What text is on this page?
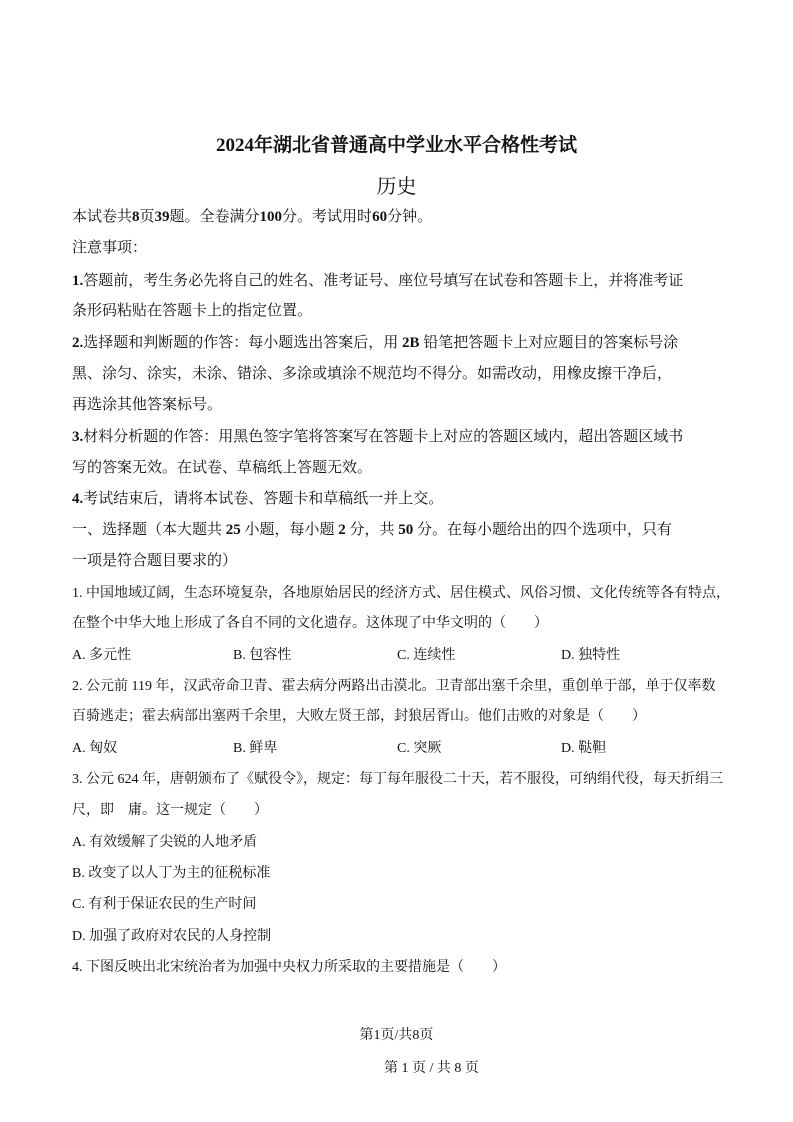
2024年湖北省普通高中学业水平合格性考试
历史
本试卷共8页39题。全卷满分100分。考试用时60分钟。
注意事项：
1.答题前，考生务必先将自己的姓名、准考证号、座位号填写在试卷和答题卡上，并将准考证
条形码粘贴在答题卡上的指定位置。
2.选择题和判断题的作答：每小题选出答案后，用 2B 铅笔把答题卡上对应题目的答案标号涂
黑、涂匀、涂实，未涂、错涂、多涂或填涂不规范均不得分。如需改动，用橡皮擦干净后，
再选涂其他答案标号。
3.材料分析题的作答：用黑色签字笔将答案写在答题卡上对应的答题区域内，超出答题区域书
写的答案无效。在试卷、草稿纸上答题无效。
4.考试结束后，请将本试卷、答题卡和草稿纸一并上交。
一、选择题（本大题共 25 小题，每小题 2 分，共 50 分。在每小题给出的四个选项中，只有
一项是符合题目要求的）
1. 中国地域辽阔，生态环境复杂，各地原始居民的经济方式、居住模式、风俗习惯、文化传统等各有特点，
在整个中华大地上形成了各自不同的文化遗存。这体现了中华文明的（　　）
A. 多元性	B. 包容性	C. 连续性	D. 独特性
2. 公元前 119 年，汉武帝命卫青、霍去病分两路出击漠北。卫青部出塞千余里，重创单于部，单于仅率数
百骑逃走；霍去病部出塞两千余里，大败左贤王部，封狼居胥山。他们击败的对象是（　　）
A. 匈奴	B. 鲜卑	C. 突厥	D. 鞑靼
3. 公元 624 年，唐朝颁布了《赋役令》，规定：每丁每年服役二十天，若不服役，可纳绢代役，每天折绢三
尺，即　庸。这一规定（　　）
A. 有效缓解了尖锐的人地矛盾
B. 改变了以人丁为主的征税标准
C. 有利于保证农民的生产时间
D. 加强了政府对农民的人身控制
4. 下图反映出北宋统治者为加强中央权力所采取的主要措施是（　　）
第1页/共8页
第 1 页 / 共 8 页
